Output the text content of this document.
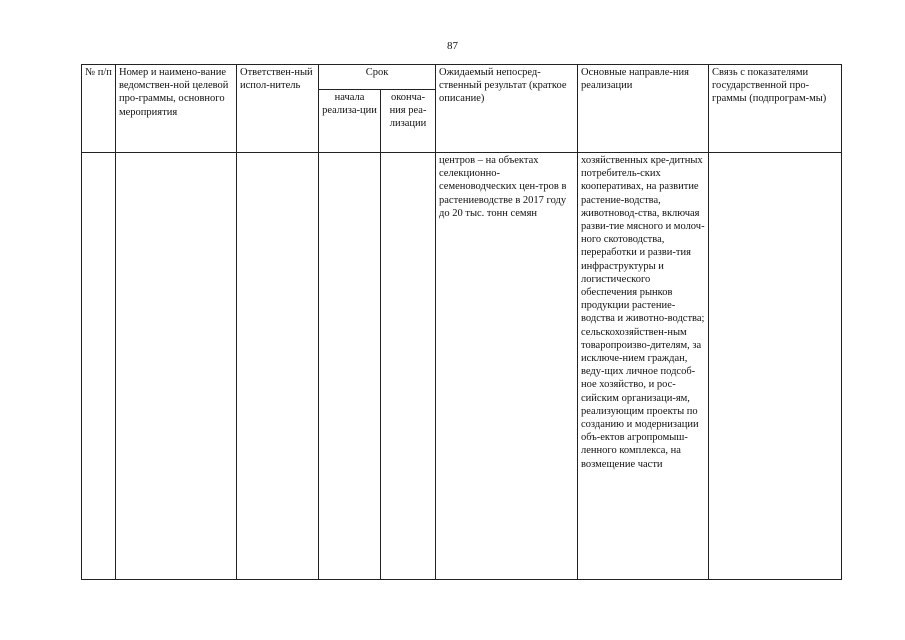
87
№ п/п	Номер и наимено-вание ведомствен-ной целевой про-граммы, основного мероприятия	Ответствен-ный испол-нитель	Срок		Ожидаемый непосред-ственный результат (краткое описание)	Основные направле-ния реализации	Связь с показателями государственной про-граммы (подпрограм-мы)
			начала реализа-ции	оконча-ния реа-лизации			
					центров – на объектах селекционно-семеноводческих цен-тров в растениеводстве в 2017 году до 20 тыс. тонн семян	хозяйственных кре-дитных потребитель-ских кооперативах, на развитие растение-водства, животновод-ства, включая разви-тие мясного и молоч-ного скотоводства, переработки и разви-тия инфраструктуры и логистического обеспечения рынков продукции растение-водства и животно-водства; сельскохозяйствен-ным товаропроизво-дителям, за исключе-нием граждан, веду-щих личное подсоб-ное хозяйство, и рос-сийским организаци-ям, реализующим проекты по созданию и модернизации объ-ектов агропромыш-ленного комплекса, на возмещение части	
